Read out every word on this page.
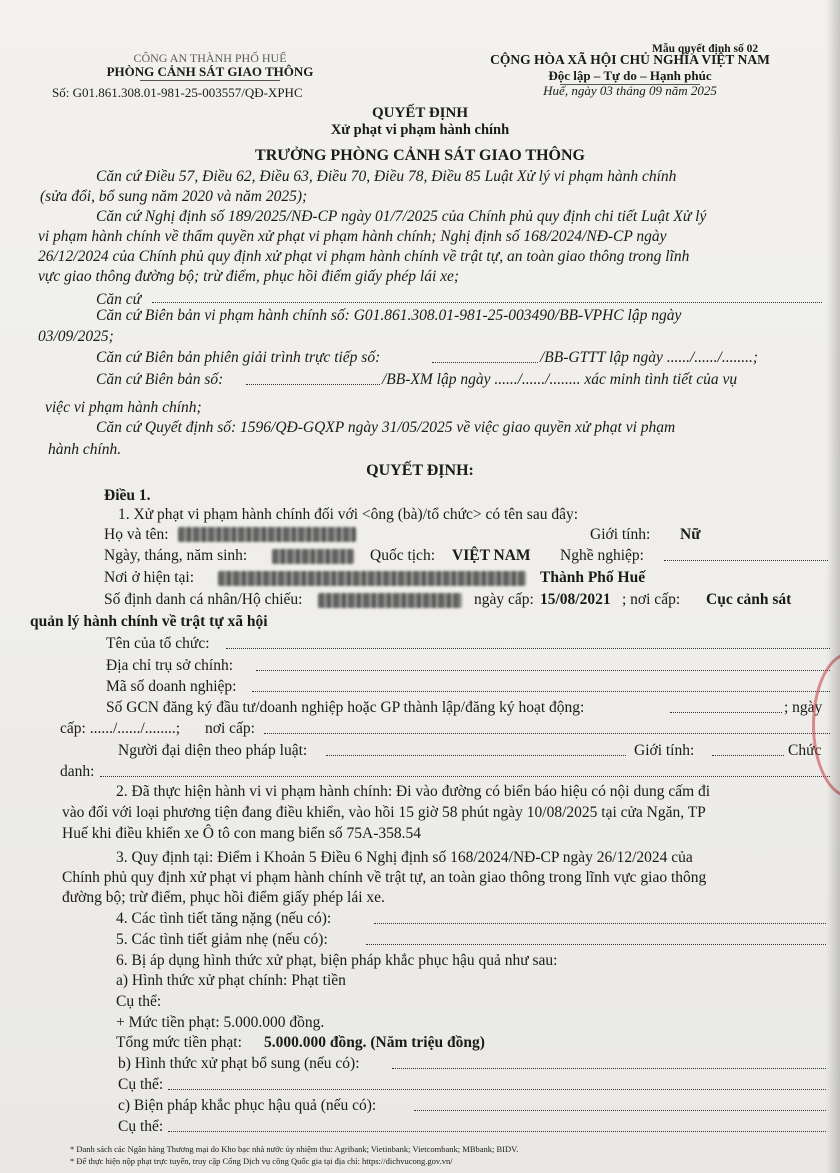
CÔNG AN THÀNH PHỐ HUẾ
PHÒNG CẢNH SÁT GIAO THÔNG
Số: G01.861.308.01-981-25-003557/QĐ-XPHC
Mẫu quyết định số 02
CỘNG HÒA XÃ HỘI CHỦ NGHĨA VIỆT NAM
Độc lập – Tự do – Hạnh phúc
Huế, ngày 03 tháng 09 năm 2025
QUYẾT ĐỊNH
Xử phạt vi phạm hành chính
TRƯỞNG PHÒNG CẢNH SÁT GIAO THÔNG
Căn cứ Điều 57, Điều 62, Điều 63, Điều 70, Điều 78, Điều 85 Luật Xử lý vi phạm hành chính
(sửa đổi, bổ sung năm 2020 và năm 2025);
Căn cứ Nghị định số 189/2025/NĐ-CP ngày 01/7/2025 của Chính phủ quy định chi tiết Luật Xử lý
vi phạm hành chính về thẩm quyền xử phạt vi phạm hành chính; Nghị định số 168/2024/NĐ-CP ngày
26/12/2024 của Chính phủ quy định xử phạt vi phạm hành chính về trật tự, an toàn giao thông trong lĩnh
vực giao thông đường bộ; trừ điểm, phục hồi điểm giấy phép lái xe;
Căn cứ
Căn cứ Biên bản vi phạm hành chính số: G01.861.308.01-981-25-003490/BB-VPHC lập ngày
03/09/2025;
Căn cứ Biên bản phiên giải trình trực tiếp số:	/BB-GTTT lập ngày ....../....../........;
Căn cứ Biên bản số:	/BB-XM lập ngày ....../....../........ xác minh tình tiết của vụ
việc vi phạm hành chính;
Căn cứ Quyết định số: 1596/QĐ-GQXP ngày 31/05/2025 về việc giao quyền xử phạt vi phạm
hành chính.
QUYẾT ĐỊNH:
Điều 1.
1. Xử phạt vi phạm hành chính đối với <ông (bà)/tổ chức> có tên sau đây:
Họ và tên:	Giới tính: Nữ
Ngày, tháng, năm sinh:	Quốc tịch: VIỆT NAM Nghề nghiệp:
Nơi ở hiện tại:	Thành Phố Huế
Số định danh cá nhân/Hộ chiếu:	ngày cấp: 15/08/2021 ; nơi cấp: Cục cảnh sát
quản lý hành chính về trật tự xã hội
Tên của tổ chức:
Địa chỉ trụ sở chính:
Mã số doanh nghiệp:
Số GCN đăng ký đầu tư/doanh nghiệp hoặc GP thành lập/đăng ký hoạt động:	; ngày
cấp: ....../....../........; nơi cấp:
Người đại diện theo pháp luật:	Giới tính:	Chức
danh:
2. Đã thực hiện hành vi vi phạm hành chính: Đi vào đường có biển báo hiệu có nội dung cấm đi
vào đối với loại phương tiện đang điều khiển, vào hồi 15 giờ 58 phút ngày 10/08/2025 tại cửa Ngăn, TP
Huế khi điều khiển xe Ô tô con mang biển số 75A-358.54
3. Quy định tại: Điểm i Khoản 5 Điều 6 Nghị định số 168/2024/NĐ-CP ngày 26/12/2024 của
Chính phủ quy định xử phạt vi phạm hành chính về trật tự, an toàn giao thông trong lĩnh vực giao thông
đường bộ; trừ điểm, phục hồi điểm giấy phép lái xe.
4. Các tình tiết tăng nặng (nếu có):
5. Các tình tiết giảm nhẹ (nếu có):
6. Bị áp dụng hình thức xử phạt, biện pháp khắc phục hậu quả như sau:
a) Hình thức xử phạt chính: Phạt tiền
Cụ thể:
+ Mức tiền phạt: 5.000.000 đồng.
Tổng mức tiền phạt: 5.000.000 đồng. (Năm triệu đồng)
b) Hình thức xử phạt bổ sung (nếu có):
Cụ thể:
c) Biện pháp khắc phục hậu quả (nếu có):
Cụ thể:
* Danh sách các Ngân hàng Thương mại do Kho bạc nhà nước ủy nhiệm thu: Agribank; Vietinbank; Vietcombank; MBbank; BIDV.
* Để thực hiện nộp phạt trực tuyến, truy cập Cổng Dịch vụ công Quốc gia tại địa chỉ: https://dichvucong.gov.vn/
